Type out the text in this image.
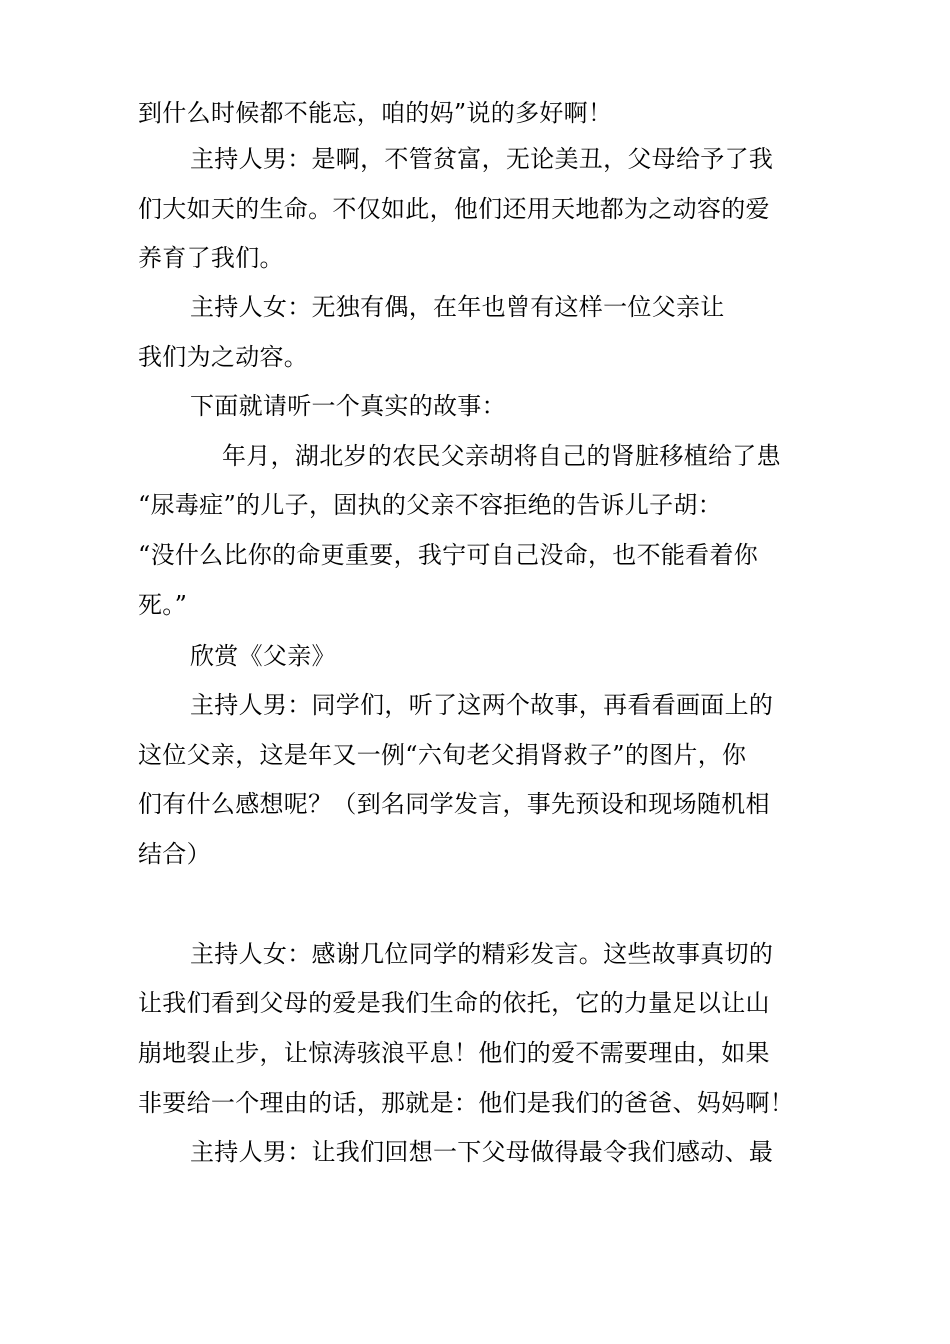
到什么时候都不能忘，咱的妈”说的多好啊！
主持人男：是啊，不管贫富，无论美丑，父母给予了我
们大如天的生命。不仅如此，他们还用天地都为之动容的爱
养育了我们。
主持人女：无独有偶，在年也曾有这样一位父亲让
我们为之动容。
下面就请听一个真实的故事：
年月，湖北岁的农民父亲胡将自己的肾脏移植给了患
“尿毒症”的儿子，固执的父亲不容拒绝的告诉儿子胡：
“没什么比你的命更重要，我宁可自己没命，也不能看着你
死。”
欣赏《父亲》
主持人男：同学们，听了这两个故事，再看看画面上的
这位父亲，这是年又一例“六旬老父捐肾救子”的图片，你
们有什么感想呢？（到名同学发言，事先预设和现场随机相
结合）
主持人女：感谢几位同学的精彩发言。这些故事真切的
让我们看到父母的爱是我们生命的依托，它的力量足以让山
崩地裂止步，让惊涛骇浪平息！他们的爱不需要理由，如果
非要给一个理由的话，那就是：他们是我们的爸爸、妈妈啊！
主持人男：让我们回想一下父母做得最令我们感动、最
